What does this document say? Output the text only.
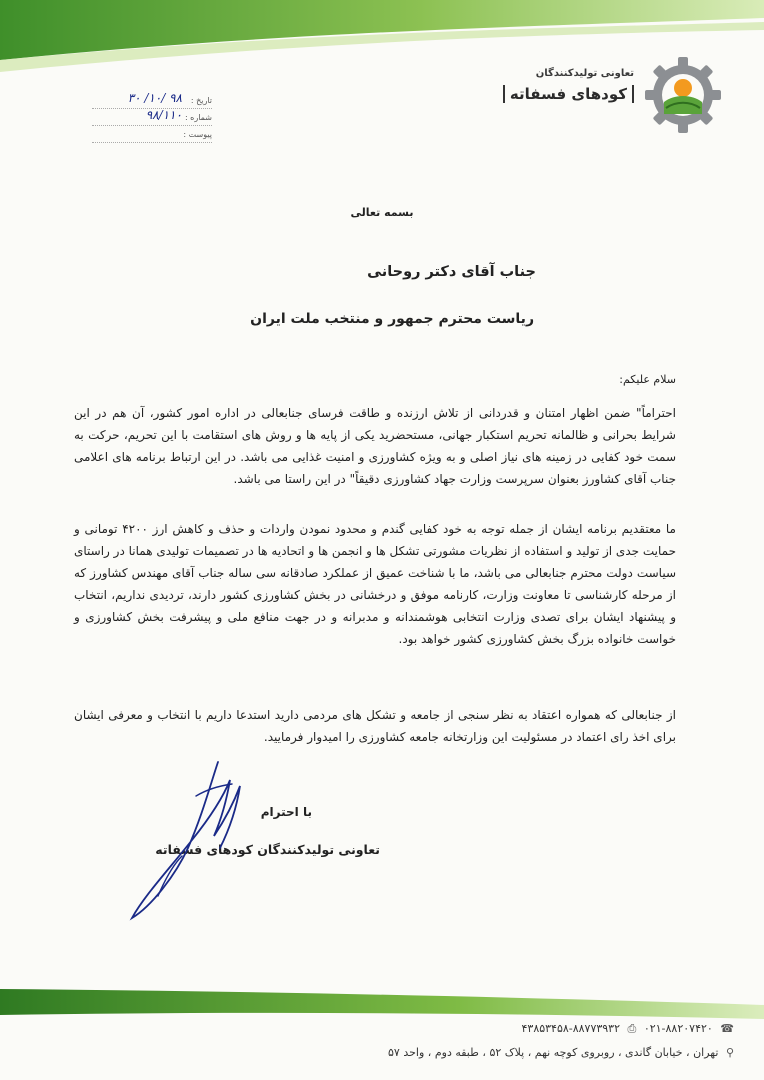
تعاونی تولیدکنندگان
کودهای فسفاته
تاریخ :
۹۸ /۱۰/ ۳۰
شماره :
۹۸/۱۱۰
پیوست :
بسمه تعالی
جناب آقای دکتر روحانی
ریاست محترم جمهور و منتخب ملت ایران
سلام علیکم:
احتراماً" ضمن اظهار امتنان و قدردانی از تلاش ارزنده و طاقت فرسای جنابعالی در اداره امور کشور، آن هم در این شرایط بحرانی و ظالمانه تحریم استکبار جهانی، مستحضرید یکی از پایه ها و روش های استقامت با این تحریم، حرکت به سمت خود کفایی در زمینه های نیاز اصلی و به ویژه کشاورزی و امنیت غذایی می باشد. در این ارتباط برنامه های اعلامی جناب آقای کشاورز بعنوان سرپرست وزارت جهاد کشاورزی دقیقاً" در این راستا می باشد.
ما معتقدیم برنامه ایشان از جمله توجه به خود کفایی گندم و محدود نمودن واردات و حذف و کاهش ارز ۴۲۰۰ تومانی و حمایت جدی از تولید و استفاده از نظریات مشورتی تشکل ها و انجمن ها و اتحادیه ها در تصمیمات تولیدی همانا در راستای سیاست دولت محترم جنابعالی می باشد، ما با شناخت عمیق از عملکرد صادقانه سی ساله جناب آقای مهندس کشاورز که از مرحله کارشناسی تا معاونت وزارت، کارنامه موفق و درخشانی در بخش کشاورزی کشور دارند، تردیدی نداریم، انتخاب و پیشنهاد ایشان برای تصدی وزارت انتخابی هوشمندانه و مدبرانه و در جهت منافع ملی و پیشرفت بخش کشاورزی و خواست خانواده بزرگ بخش کشاورزی کشور خواهد بود.
از جنابعالی که همواره اعتقاد به نظر سنجی از جامعه و تشکل های مردمی دارید استدعا داریم با انتخاب و معرفی ایشان برای اخذ رای اعتماد در مسئولیت این وزارتخانه جامعه کشاورزی را امیدوار فرمایید.
با احترام
تعاونی تولیدکنندگان کودهای فسفاته
۴۳۸۵۳۴۵۸-۸۸۷۷۳۹۳۲ ⎙ ۰۲۱-۸۸۲۰۷۴۲۰ ☎
⚲ تهران ، خیابان گاندی ، روبروی کوچه نهم ، پلاک ۵۲ ، طبقه دوم ، واحد ۵۷
